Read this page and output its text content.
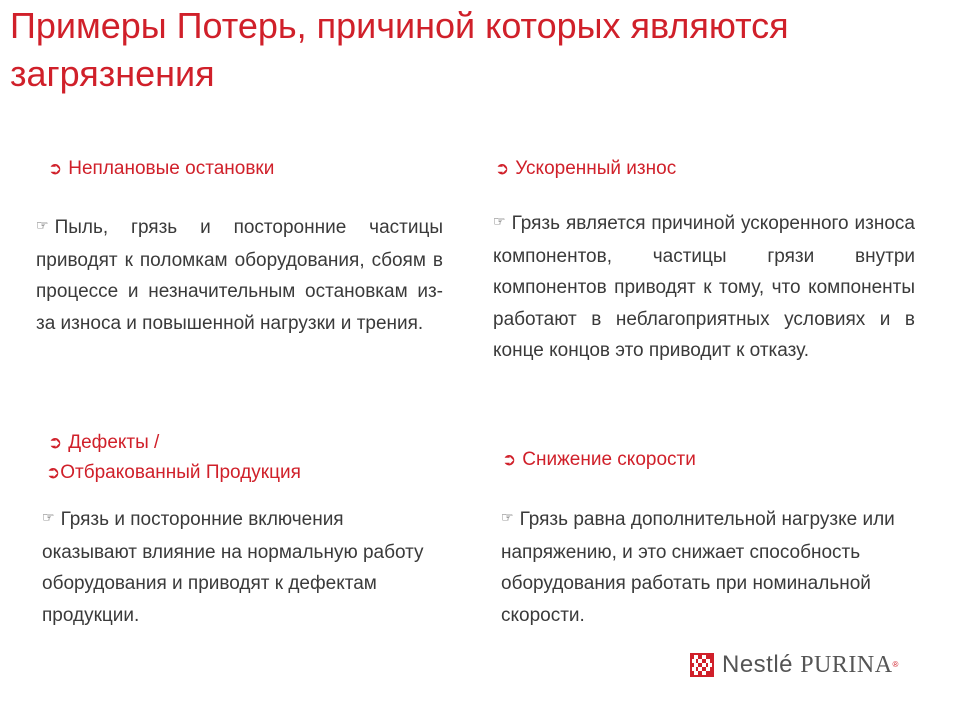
Примеры Потерь, причиной которых являются загрязнения
➲ Неплановые остановки

☞ Пыль, грязь и посторонние частицы приводят к поломкам оборудования, сбоям в процессе и незначительным остановкам из-за износа и повышенной нагрузки и трения.

➲ Ускоренный износ

☞ Грязь является причиной ускоренного износа компонентов, частицы грязи внутри компонентов приводят к тому, что компоненты работают в неблагоприятных условиях и в конце концов это приводит к отказу.

➲ Дефекты /
➲Отбракованный Продукция

☞ Грязь и посторонние включения оказывают влияние на нормальную работу оборудования и приводят к дефектам продукции.

➲ Снижение скорости

☞ Грязь равна дополнительной нагрузке или напряжению, и это снижает способность оборудования работать при номинальной скорости.

Nestlé PURINA®
